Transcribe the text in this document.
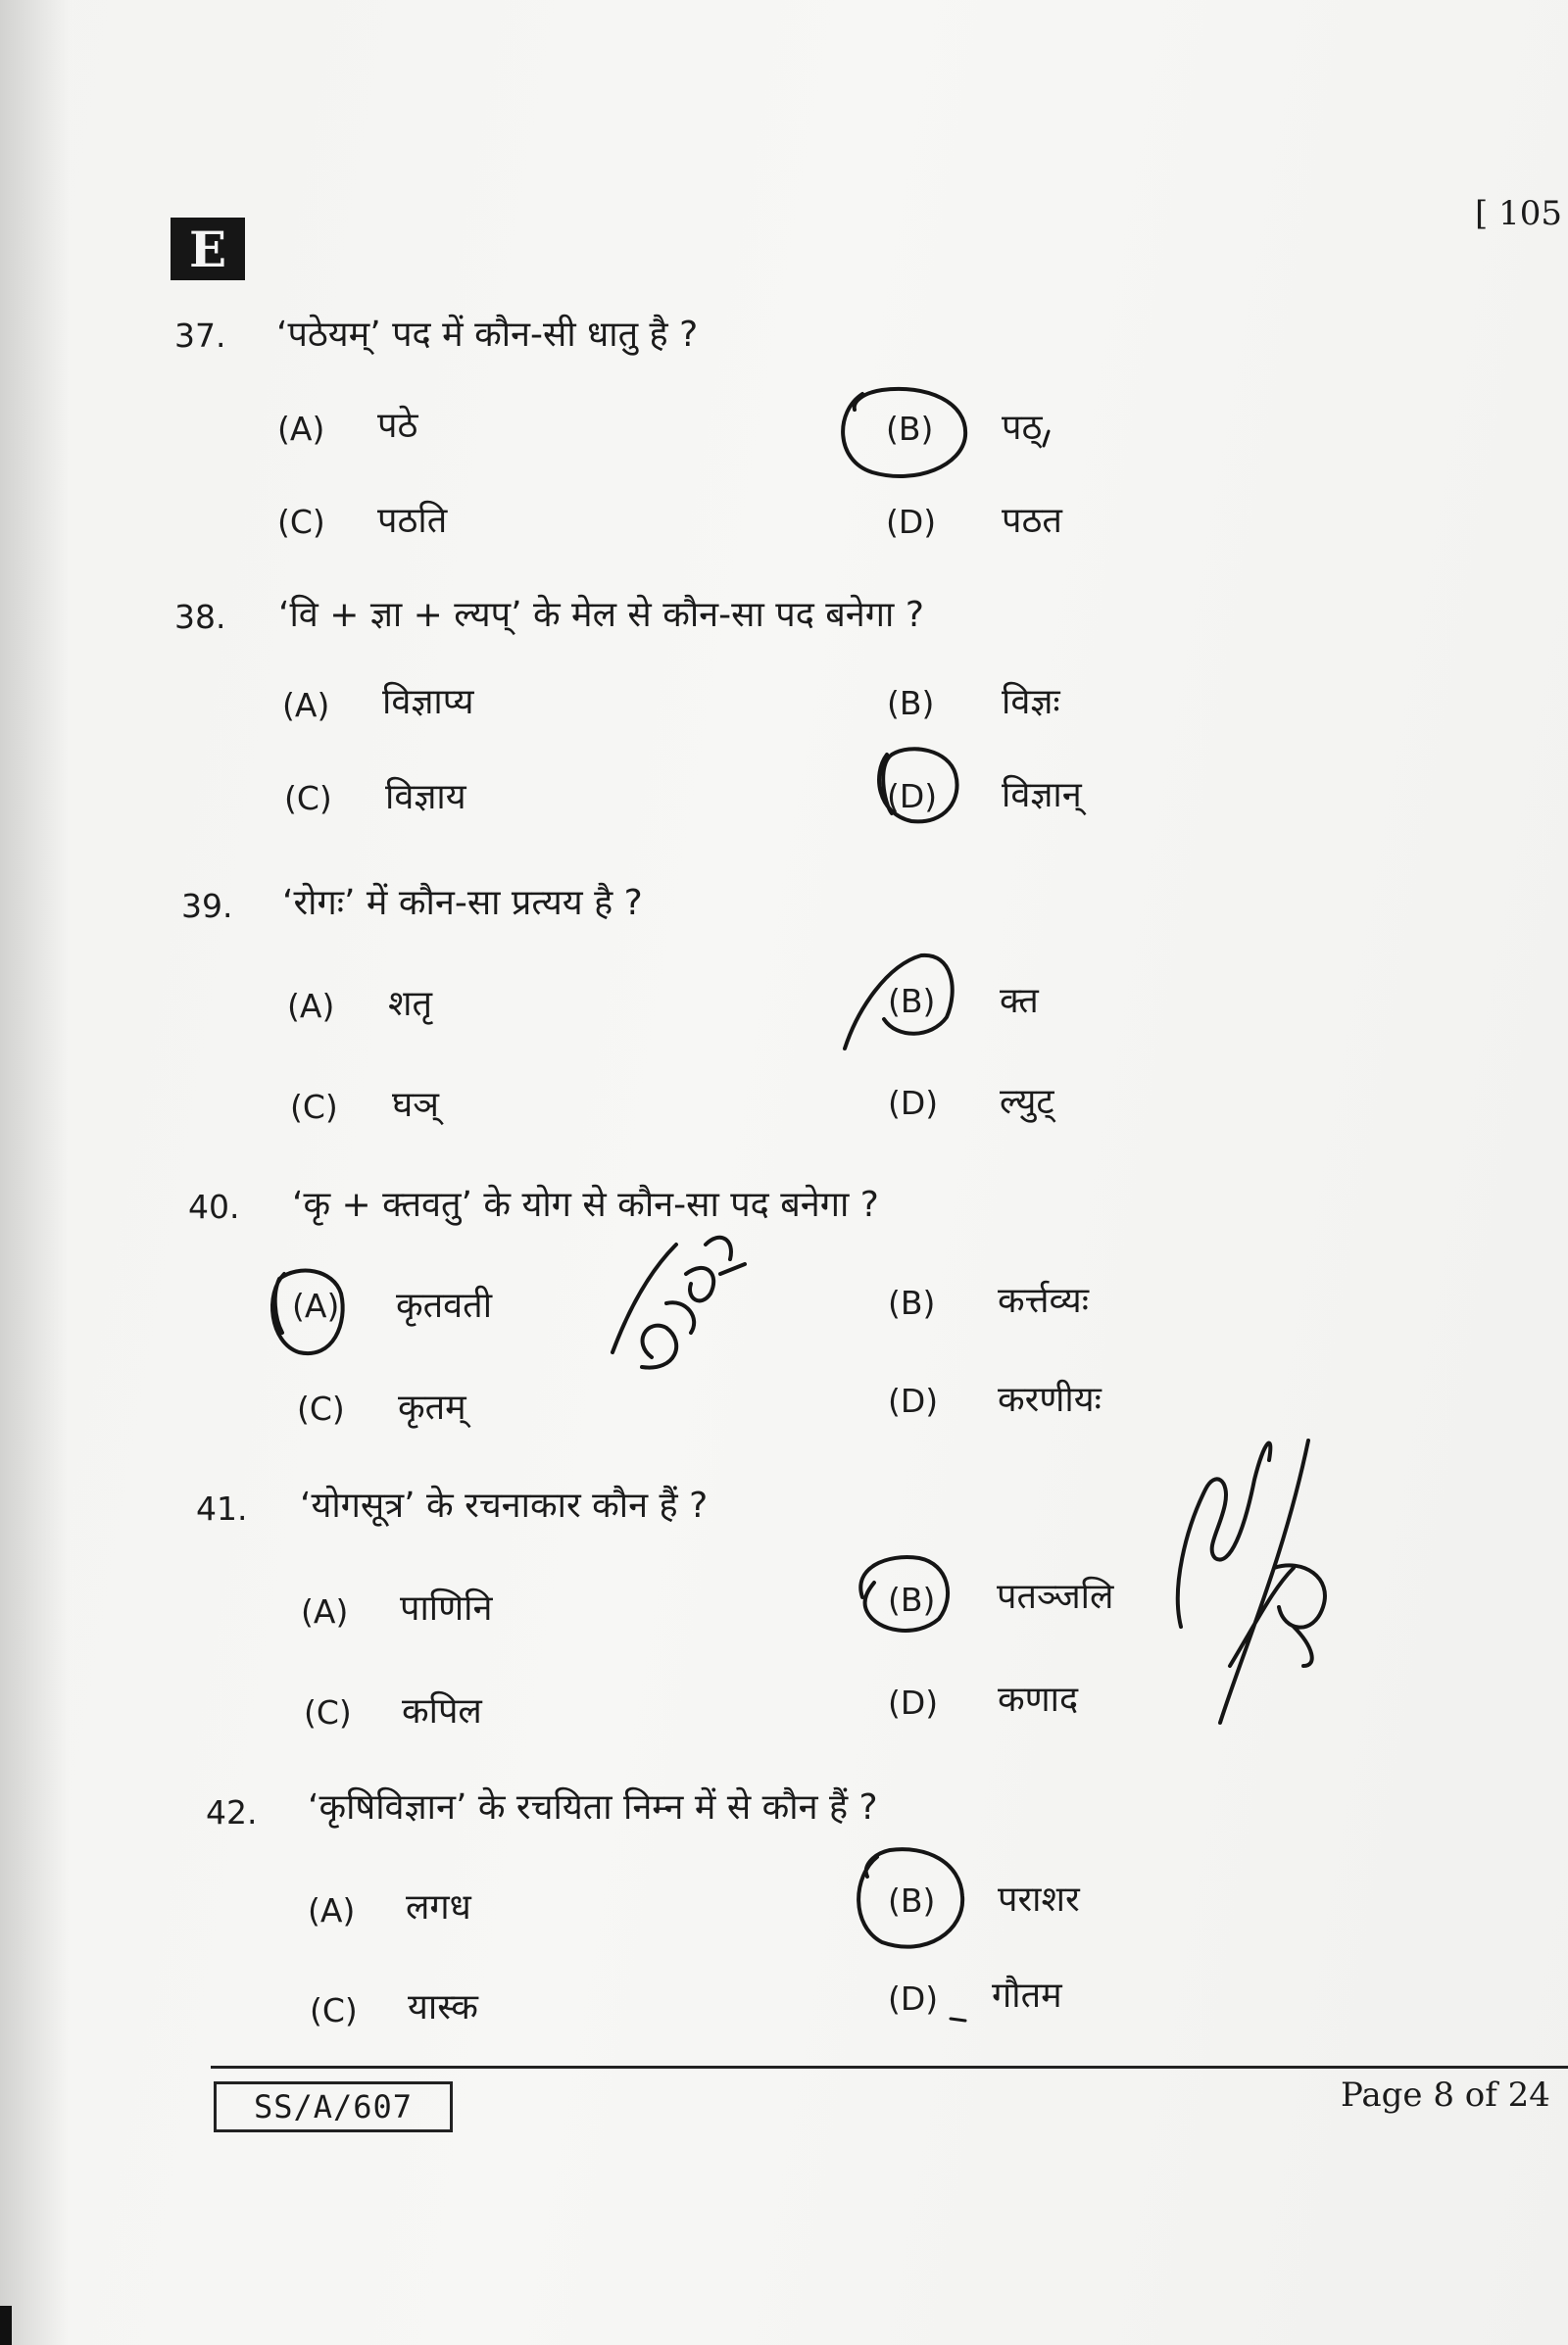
E
[ 105
37. ‘पठेयम्’ पद में कौन-सी धातु है ?
(A) पठे	(B) पठ्
(C) पठति	(D) पठत
38. ‘वि + ज्ञा + ल्यप्’ के मेल से कौन-सा पद बनेगा ?
(A) विज्ञाप्य	(B) विज्ञः
(C) विज्ञाय	(D) विज्ञान्
39. ‘रोगः’ में कौन-सा प्रत्यय है ?
(A) शतृ	(B) क्त
(C) घञ्	(D) ल्युट्
40. ‘कृ + क्तवतु’ के योग से कौन-सा पद बनेगा ?
(A) कृतवती	(B) कर्त्तव्यः
(C) कृतम्	(D) करणीयः
41. ‘योगसूत्र’ के रचनाकार कौन हैं ?
(A) पाणिनि	(B) पतञ्जलि
(C) कपिल	(D) कणाद
42. ‘कृषिविज्ञान’ के रचयिता निम्न में से कौन हैं ?
(A) लगध	(B) पराशर
(C) यास्क	(D) गौतम
SS/A/607	Page 8 of 24
